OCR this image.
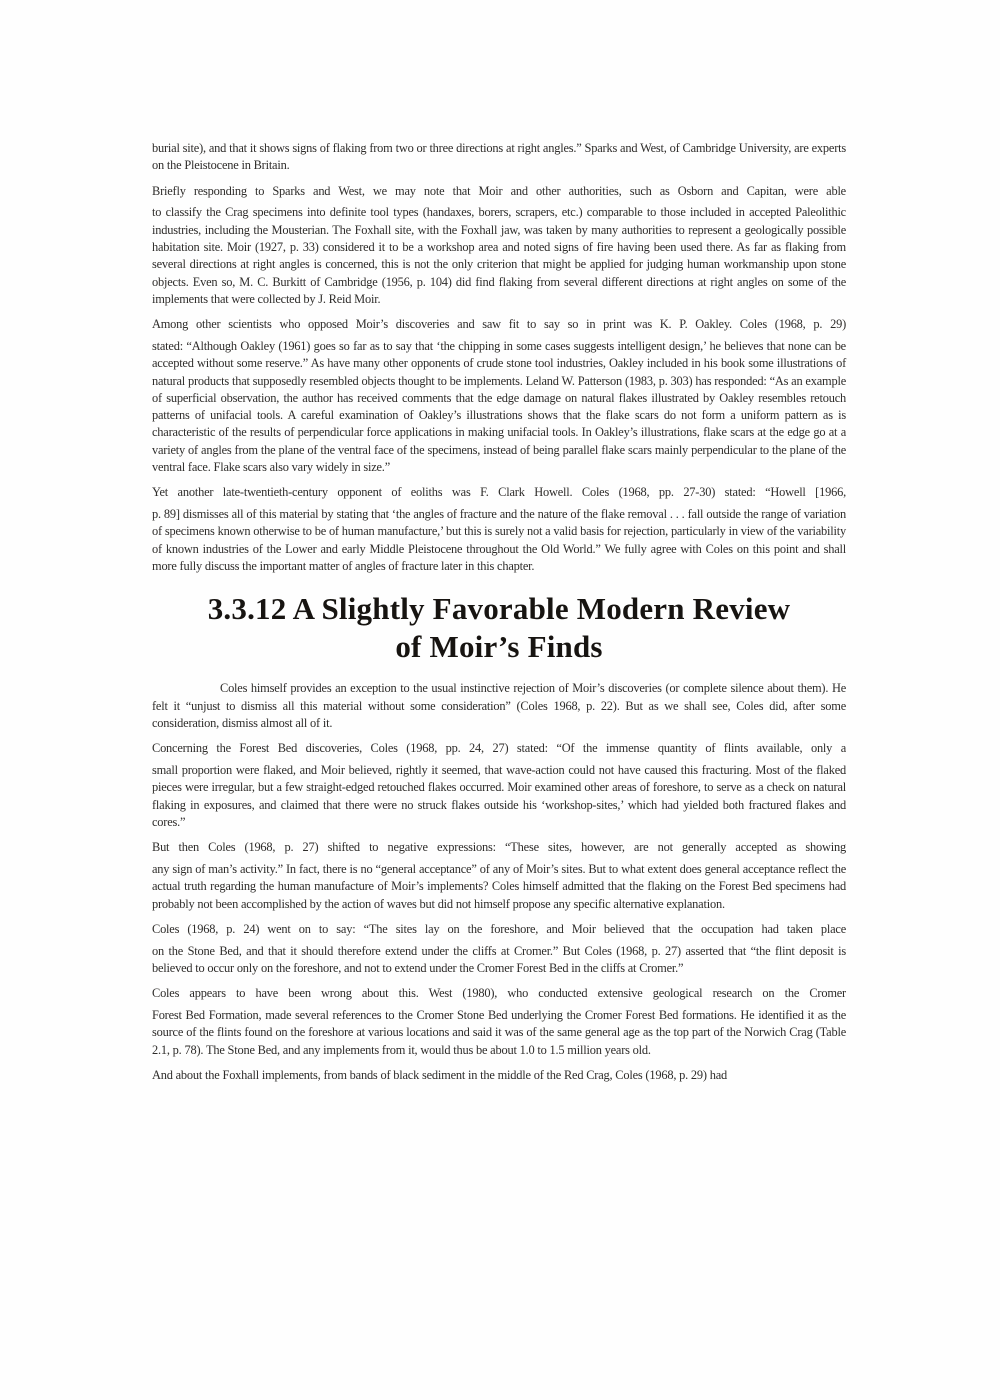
burial site), and that it shows signs of flaking from two or three directions at right angles.” Sparks and West, of Cambridge University, are experts on the Pleistocene in Britain.
Briefly responding to Sparks and West, we may note that Moir and other authorities, such as Osborn and Capitan, were able
to classify the Crag specimens into definite tool types (handaxes, borers, scrapers, etc.) comparable to those included in accepted Paleolithic industries, including the Mousterian. The Foxhall site, with the Foxhall jaw, was taken by many authorities to represent a geologically possible habitation site. Moir (1927, p. 33) considered it to be a workshop area and noted signs of fire having been used there. As far as flaking from several directions at right angles is concerned, this is not the only criterion that might be applied for judging human workmanship upon stone objects. Even so, M. C. Burkitt of Cambridge (1956, p. 104) did find flaking from several different directions at right angles on some of the implements that were collected by J. Reid Moir.
Among other scientists who opposed Moir’s discoveries and saw fit to say so in print was K. P. Oakley. Coles (1968, p. 29)
stated: “Although Oakley (1961) goes so far as to say that ‘the chipping in some cases suggests intelligent design,’ he believes that none can be accepted without some reserve.” As have many other opponents of crude stone tool industries, Oakley included in his book some illustrations of natural products that supposedly resembled objects thought to be implements. Leland W. Patterson (1983, p. 303) has responded: “As an example of superficial observation, the author has received comments that the edge damage on natural flakes illustrated by Oakley resembles retouch patterns of unifacial tools. A careful examination of Oakley’s illustrations shows that the flake scars do not form a uniform pattern as is characteristic of the results of perpendicular force applications in making unifacial tools. In Oakley’s illustrations, flake scars at the edge go at a variety of angles from the plane of the ventral face of the specimens, instead of being parallel flake scars mainly perpendicular to the plane of the ventral face. Flake scars also vary widely in size.”
Yet another late-twentieth-century opponent of eoliths was F. Clark Howell. Coles (1968, pp. 27-30) stated: “Howell [1966,
p. 89] dismisses all of this material by stating that ‘the angles of fracture and the nature of the flake removal . . . fall outside the range of variation of specimens known otherwise to be of human manufacture,’ but this is surely not a valid basis for rejection, particularly in view of the variability of known industries of the Lower and early Middle Pleistocene throughout the Old World.” We fully agree with Coles on this point and shall more fully discuss the important matter of angles of fracture later in this chapter.
3.3.12 A Slightly Favorable Modern Review
of Moir’s Finds
Coles himself provides an exception to the usual instinctive rejection of Moir’s discoveries (or complete silence about them). He felt it “unjust to dismiss all this material without some consideration” (Coles 1968, p. 22). But as we shall see, Coles did, after some consideration, dismiss almost all of it.
Concerning the Forest Bed discoveries, Coles (1968, pp. 24, 27) stated: “Of the immense quantity of flints available, only a
small proportion were flaked, and Moir believed, rightly it seemed, that wave-action could not have caused this fracturing. Most of the flaked pieces were irregular, but a few straight-edged retouched flakes occurred. Moir examined other areas of foreshore, to serve as a check on natural flaking in exposures, and claimed that there were no struck flakes outside his ‘workshop-sites,’ which had yielded both fractured flakes and cores.”
But then Coles (1968, p. 27) shifted to negative expressions: “These sites, however, are not generally accepted as showing
any sign of man’s activity.” In fact, there is no “general acceptance” of any of Moir’s sites. But to what extent does general acceptance reflect the actual truth regarding the human manufacture of Moir’s implements? Coles himself admitted that the flaking on the Forest Bed specimens had probably not been accomplished by the action of waves but did not himself propose any specific alternative explanation.
Coles (1968, p. 24) went on to say: “The sites lay on the foreshore, and Moir believed that the occupation had taken place
on the Stone Bed, and that it should therefore extend under the cliffs at Cromer.” But Coles (1968, p. 27) asserted that “the flint deposit is believed to occur only on the foreshore, and not to extend under the Cromer Forest Bed in the cliffs at Cromer.”
Coles appears to have been wrong about this. West (1980), who conducted extensive geological research on the Cromer
Forest Bed Formation, made several references to the Cromer Stone Bed underlying the Cromer Forest Bed formations. He identified it as the source of the flints found on the foreshore at various locations and said it was of the same general age as the top part of the Norwich Crag (Table 2.1, p. 78). The Stone Bed, and any implements from it, would thus be about 1.0 to 1.5 million years old.
And about the Foxhall implements, from bands of black sediment in the middle of the Red Crag, Coles (1968, p. 29) had
